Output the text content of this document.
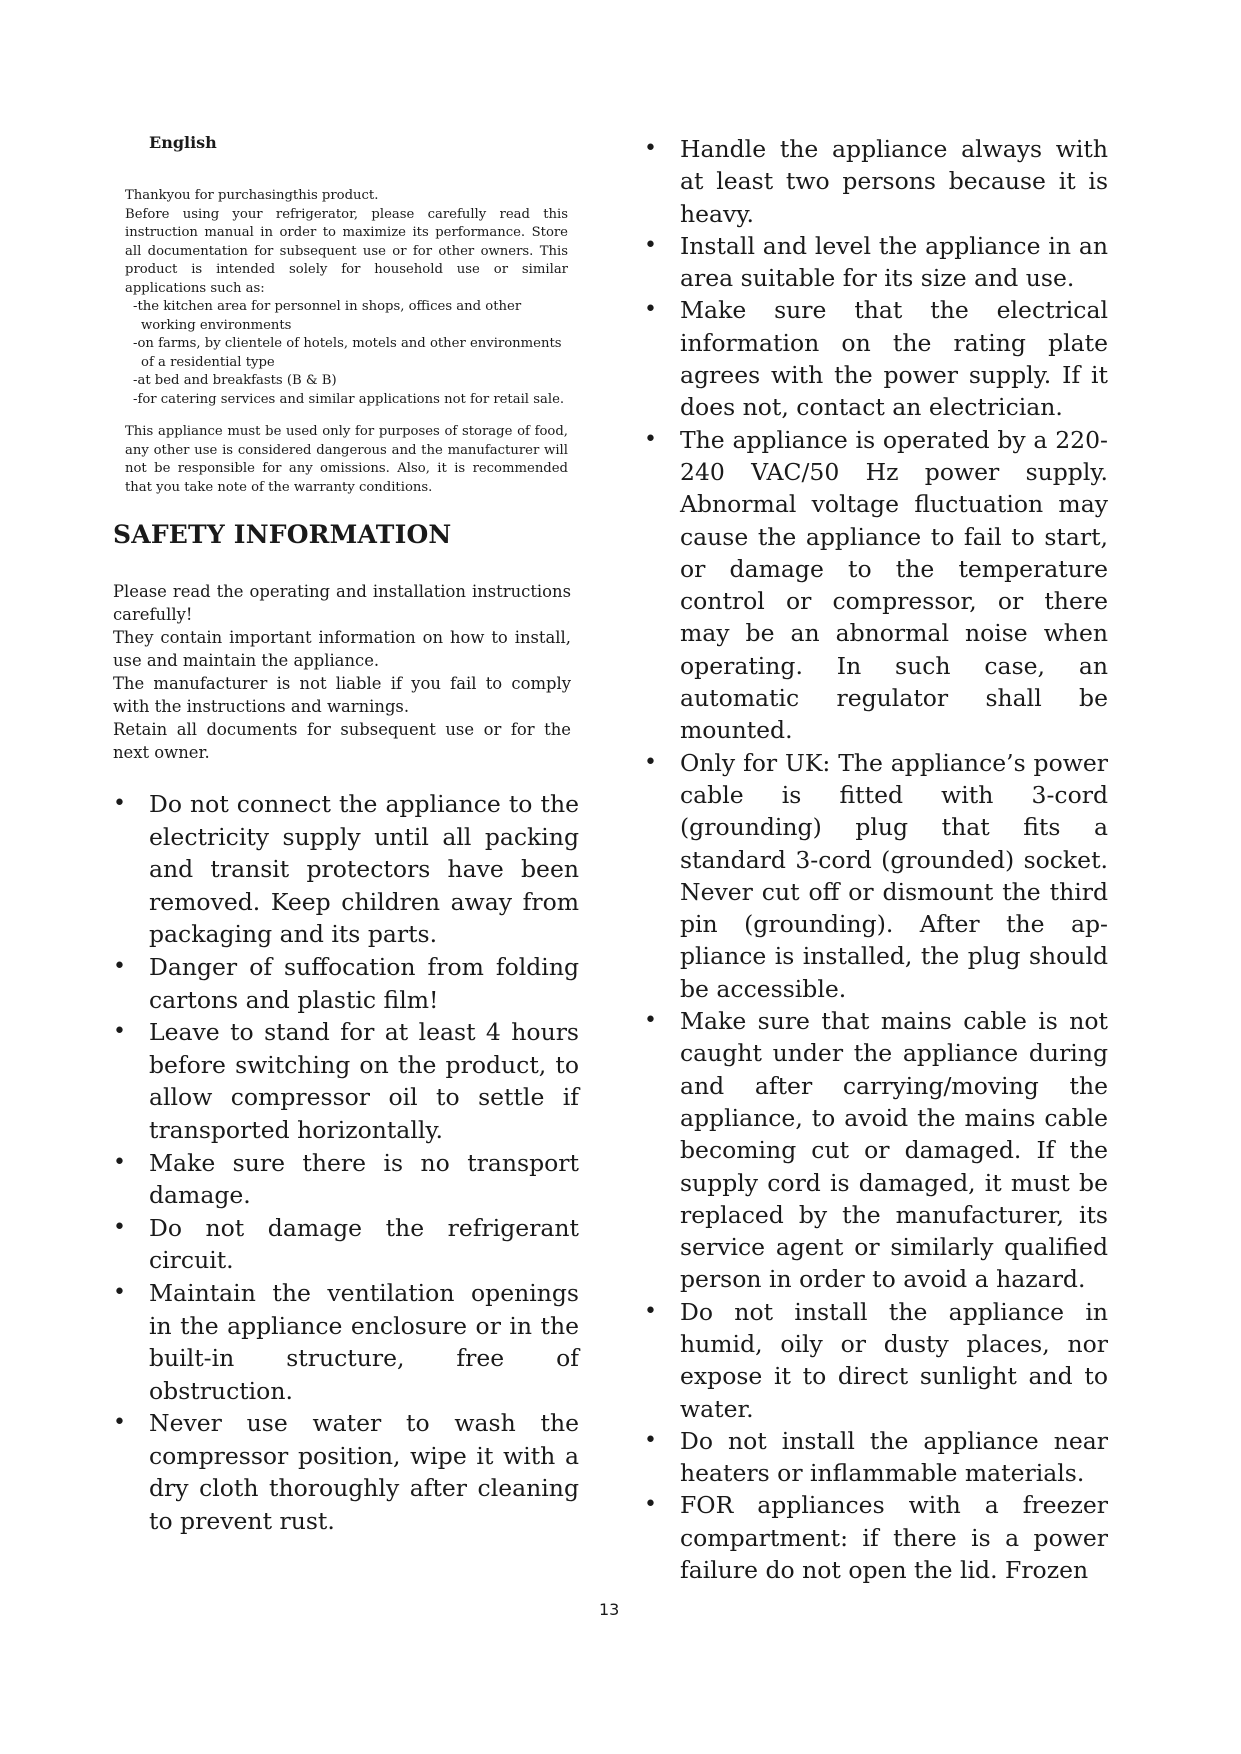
English

Thankyou for purchasingthis product.

Before using your refrigerator, please carefully read this instruction manual in order to maximize its performance. Store all documentation for subsequent use or for other owners. This product is intended solely for household use or similar applications such as:

-the kitchen area for personnel in shops, offices and other working environments

-on farms, by clientele of hotels, motels and other environments of a residential type

-at bed and breakfasts (B & B)

-for catering services and similar applications not for retail sale.

This appliance must be used only for purposes of storage of food, any other use is considered dangerous and the manufacturer will not be responsible for any omissions. Also, it is recommended that you take note of the warranty conditions.

SAFETY INFORMATION

Please read the operating and installation instructions carefully!

They contain important information on how to install, use and maintain the appliance.

The manufacturer is not liable if you fail to comply with the instructions and warnings.

Retain all documents for subsequent use or for the next owner.

• Do not connect the appliance to the electricity supply until all packing and transit protectors have been removed. Keep children away from packaging and its parts.
• Danger of suffocation from folding cartons and plastic film!
• Leave to stand for at least 4 hours before switching on the product, to allow compressor oil to settle if transported horizontally.
• Make sure there is no transport damage.
• Do not damage the refrigerant circuit.
• Maintain the ventilation openings in the appliance enclosure or in the built-in structure, free of obstruction.
• Never use water to wash the compressor position, wipe it with a dry cloth thoroughly after cleaning to prevent rust.
• Handle the appliance always with at least two persons because it is heavy.
• Install and level the appliance in an area suitable for its size and use.
• Make sure that the electrical information on the rating plate agrees with the power supply. If it does not, contact an electrician.
• The appliance is operated by a 220-240 VAC/50 Hz power supply. Abnormal voltage fluctuation may cause the appliance to fail to start, or damage to the temperature control or compressor, or there may be an abnormal noise when operating. In such case, an automatic regulator shall be mounted.
• Only for UK: The appliance’s power cable is fitted with 3-cord (grounding) plug that fits a standard 3-cord (grounded) socket. Never cut off or dismount the third pin (grounding). After the ap- pliance is installed, the plug should be accessible.
• Make sure that mains cable is not caught under the appliance during and after carrying/moving the appliance, to avoid the mains cable becoming cut or damaged. If the supply cord is damaged, it must be replaced by the manufacturer, its service agent or similarly qualified person in order to avoid a hazard.
• Do not install the appliance in humid, oily or dusty places, nor expose it to direct sunlight and to water.
• Do not install the appliance near heaters or inflammable materials.
• FOR appliances with a freezer compartment: if there is a power failure do not open the lid. Frozen
13
